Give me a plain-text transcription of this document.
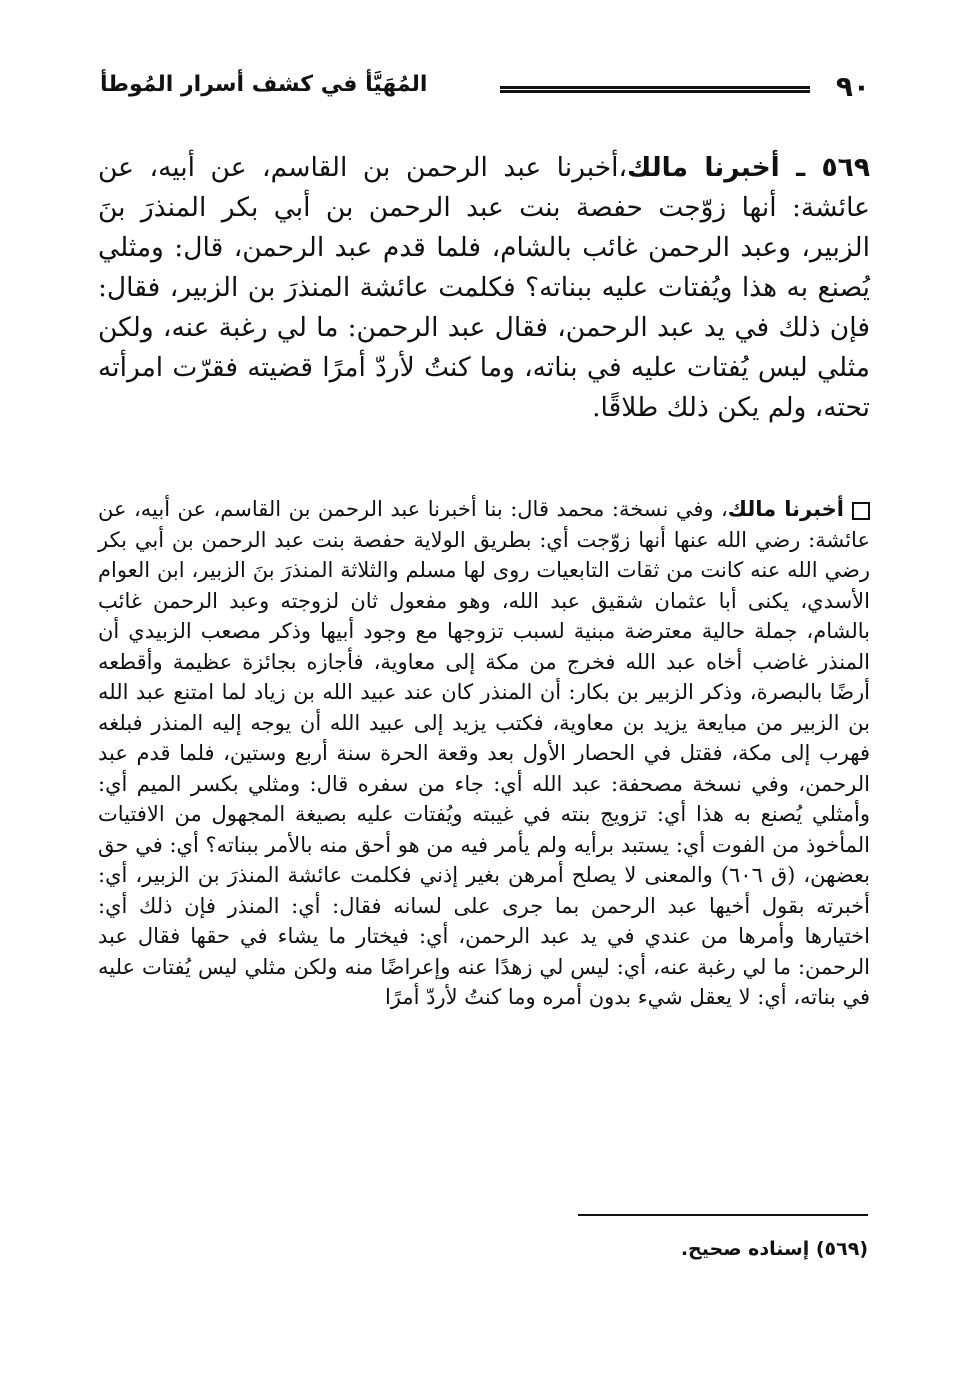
٩٠
المُهَيَّأ في كشف أسرار المُوطأ
٥٦٩ ـ أخبرنا مالك،أخبرنا عبد الرحمن بن القاسم، عن أبيه، عن عائشة: أنها زوّجت حفصة بنت عبد الرحمن بن أبي بكر المنذرَ بنَ الزبير، وعبد الرحمن غائب بالشام، فلما قدم عبد الرحمن، قال: ومثلي يُصنع به هذا ويُفتات عليه ببناته؟ فكلمت عائشة المنذرَ بن الزبير، فقال: فإن ذلك في يد عبد الرحمن، فقال عبد الرحمن: ما لي رغبة عنه، ولكن مثلي ليس يُفتات عليه في بناته، وما كنتُ لأردّ أمرًا قضيته فقرّت امرأته تحته، ولم يكن ذلك طلاقًا.
أخبرنا مالك، وفي نسخة: محمد قال: بنا أخبرنا عبد الرحمن بن القاسم، عن أبيه، عن عائشة: رضي الله عنها أنها زوّجت أي: بطريق الولاية حفصة بنت عبد الرحمن بن أبي بكر رضي الله عنه كانت من ثقات التابعيات روى لها مسلم والثلاثة المنذرَ بنَ الزبير، ابن العوام الأسدي، يكنى أبا عثمان شقيق عبد الله، وهو مفعول ثان لزوجته وعبد الرحمن غائب بالشام، جملة حالية معترضة مبنية لسبب تزوجها مع وجود أبيها وذكر مصعب الزبيدي أن المنذر غاضب أخاه عبد الله فخرج من مكة إلى معاوية، فأجازه بجائزة عظيمة وأقطعه أرضًا بالبصرة، وذكر الزبير بن بكار: أن المنذر كان عند عبيد الله بن زياد لما امتنع عبد الله بن الزبير من مبايعة يزيد بن معاوية، فكتب يزيد إلى عبيد الله أن يوجه إليه المنذر فبلغه فهرب إلى مكة، فقتل في الحصار الأول بعد وقعة الحرة سنة أربع وستين، فلما قدم عبد الرحمن، وفي نسخة مصحفة: عبد الله أي: جاء من سفره قال: ومثلي بكسر الميم أي: وأمثلي يُصنع به هذا أي: تزويج بنته في غيبته ويُفتات عليه بصيغة المجهول من الافتيات المأخوذ من الفوت أي: يستبد برأيه ولم يأمر فيه من هو أحق منه بالأمر ببناته؟ أي: في حق بعضهن، (ق ٦٠٦) والمعنى لا يصلح أمرهن بغير إذني فكلمت عائشة المنذرَ بن الزبير، أي: أخبرته بقول أخيها عبد الرحمن بما جرى على لسانه فقال: أي: المنذر فإن ذلك أي: اختيارها وأمرها من عندي في يد عبد الرحمن، أي: فيختار ما يشاء في حقها فقال عبد الرحمن: ما لي رغبة عنه، أي: ليس لي زهدًا عنه وإعراضًا منه ولكن مثلي ليس يُفتات عليه في بناته، أي: لا يعقل شيء بدون أمره وما كنتُ لأردّ أمرًا
(٥٦٩) إسناده صحيح.
